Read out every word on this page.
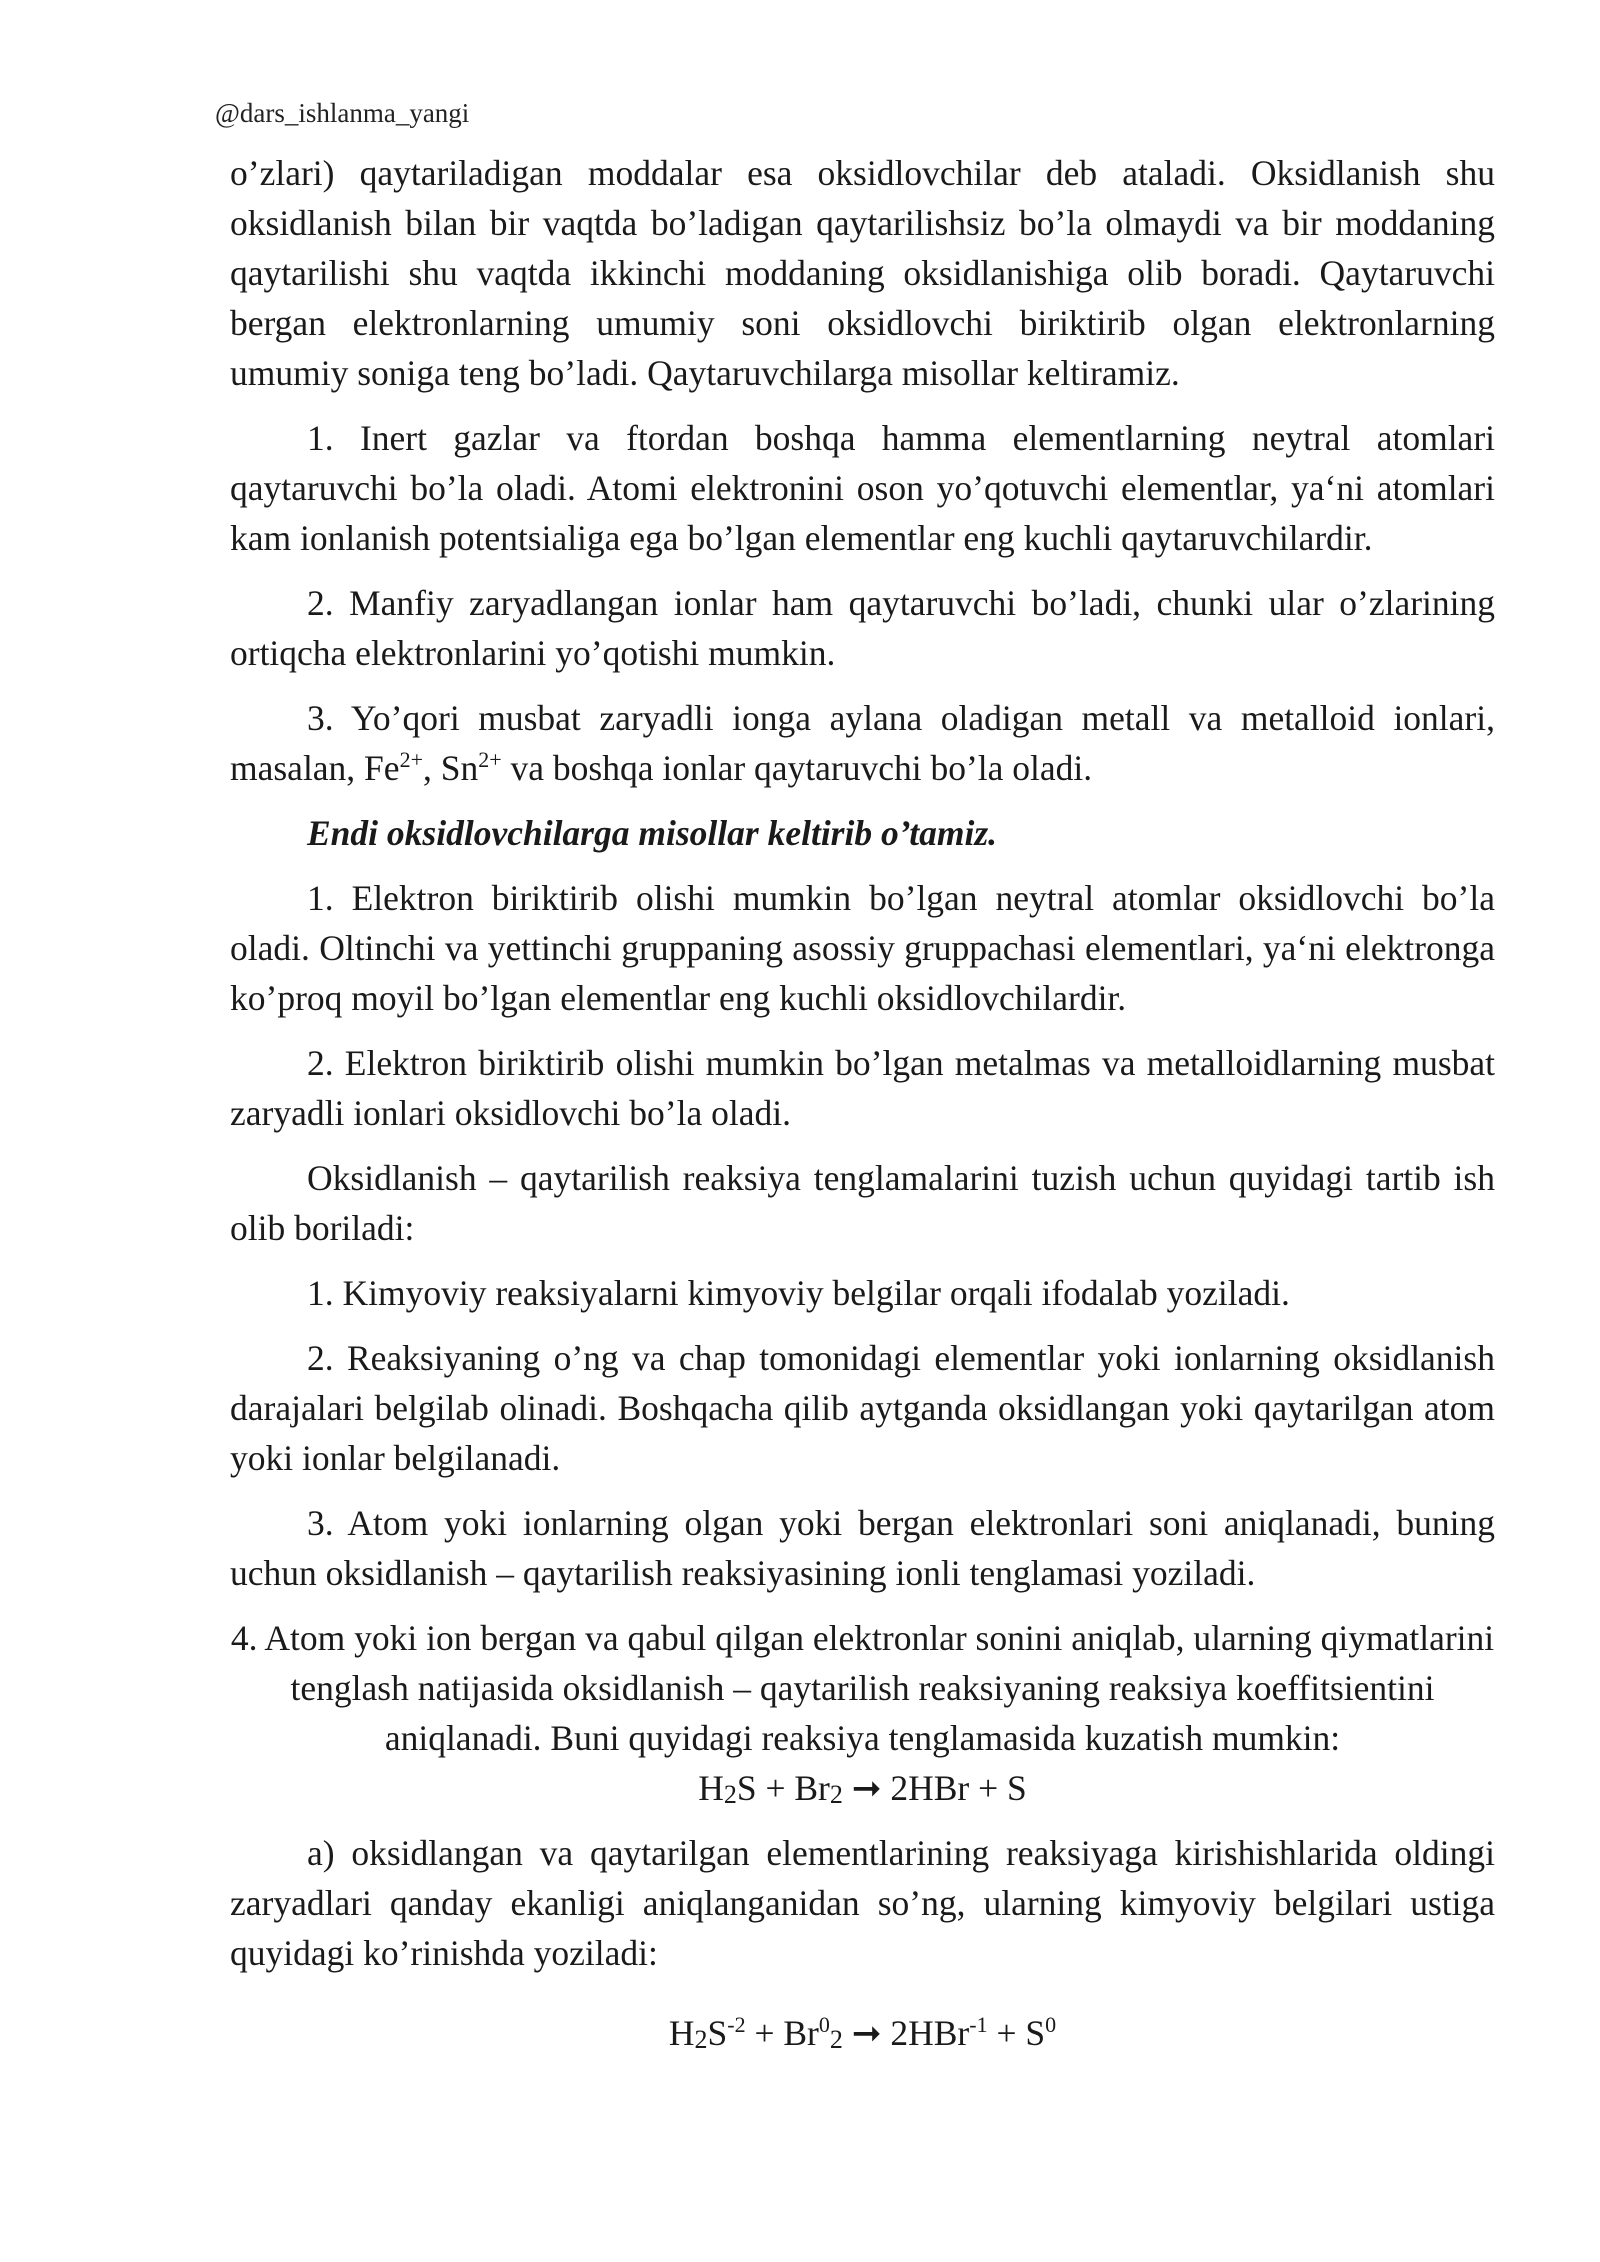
@dars_ishlanma_yangi

o’zlari) qaytariladigan moddalar esa oksidlovchilar deb ataladi. Oksidlanish shu oksidlanish bilan bir vaqtda bo’ladigan qaytarilishsiz bo’la olmaydi va bir moddaning qaytarilishi shu vaqtda ikkinchi moddaning oksidlanishiga olib boradi. Qaytaruvchi bergan elektronlarning umumiy soni oksidlovchi biriktirib olgan elektronlarning umumiy soniga teng bo’ladi. Qaytaruvchilarga misollar keltiramiz.

1. Inert gazlar va ftordan boshqa hamma elementlarning neytral atomlari qaytaruvchi bo’la oladi. Atomi elektronini oson yo’qotuvchi elementlar, ya‘ni atomlari kam ionlanish potentsialiga ega bo’lgan elementlar eng kuchli qaytaruvchilardir.

2. Manfiy zaryadlangan ionlar ham qaytaruvchi bo’ladi, chunki ular o’zlarining ortiqcha elektronlarini yo’qotishi mumkin.

3. Yo’qori musbat zaryadli ionga aylana oladigan metall va metalloid ionlari, masalan, $Fe^{2+}$, $Sn^{2+}$ va boshqa ionlar qaytaruvchi bo’la oladi.

Endi oksidlovchilarga misollar keltirib o’tamiz.

1. Elektron biriktirib olishi mumkin bo’lgan neytral atomlar oksidlovchi bo’la oladi. Oltinchi va yettinchi gruppaning asossiy gruppachasi elementlari, ya‘ni elektronga ko’proq moyil bo’lgan elementlar eng kuchli oksidlovchilardir.

2. Elektron biriktirib olishi mumkin bo’lgan metalmas va metalloidlarning musbat zaryadli ionlari oksidlovchi bo’la oladi.

Oksidlanish – qaytarilish reaksiya tenglamalarini tuzish uchun quyidagi tartib ish olib boriladi:

1. Kimyoviy reaksiyalarni kimyoviy belgilar orqali ifodalab yoziladi.

2. Reaksiyaning o’ng va chap tomonidagi elementlar yoki ionlarning oksidlanish darajalari belgilab olinadi. Boshqacha qilib aytganda oksidlangan yoki qaytarilgan atom yoki ionlar belgilanadi.

3. Atom yoki ionlarning olgan yoki bergan elektronlari soni aniqlanadi, buning uchun oksidlanish – qaytarilish reaksiyasining ionli tenglamasi yoziladi.

4. Atom yoki ion bergan va qabul qilgan elektronlar sonini aniqlab, ularning qiymatlarini tenglash natijasida oksidlanish – qaytarilish reaksiyaning reaksiya koeffitsientini aniqlanadi. Buni quyidagi reaksiya tenglamasida kuzatish mumkin:

$H_2S + Br_2$ ➞ 2HBr + S

a) oksidlangan va qaytarilgan elementlarining reaksiyaga kirishishlarida oldingi zaryadlari qanday ekanligi aniqlanganidan so’ng, ularning kimyoviy belgilari ustiga quyidagi ko’rinishda yoziladi:

$H_2S^{-2} + Br^0_2$ ➞ $2HBr^{-1} + S^0$
